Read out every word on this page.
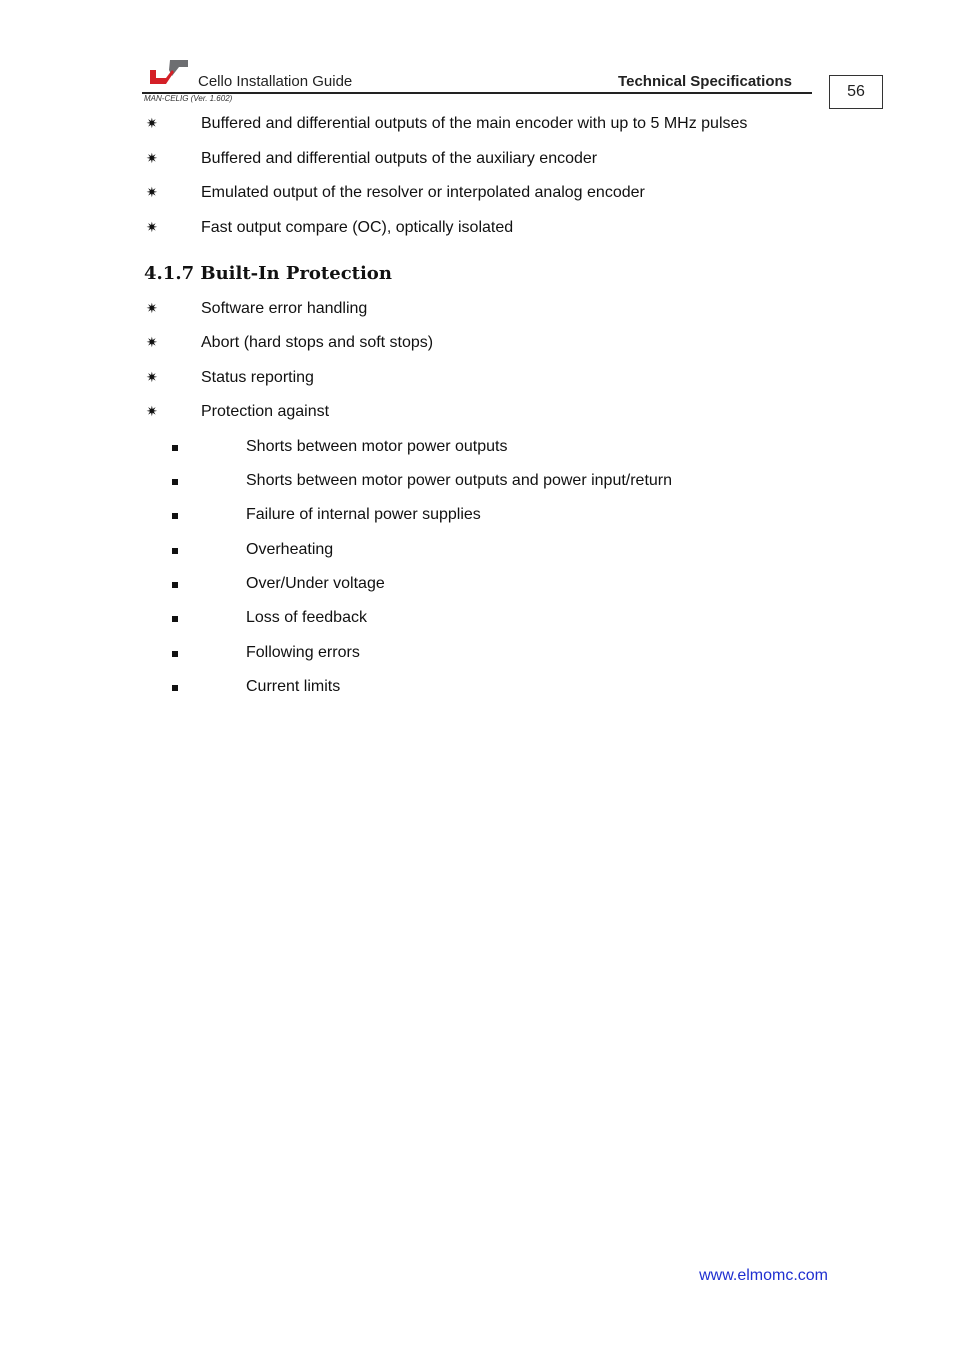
Cello Installation Guide	Technical Specifications
MAN-CELIG (Ver. 1.602)	56
✷	Buffered and differential outputs of the main encoder with up to 5 MHz pulses
✷	Buffered and differential outputs of the auxiliary encoder
✷	Emulated output of the resolver or interpolated analog encoder
✷	Fast output compare (OC), optically isolated
4.1.7 Built-In Protection
✷	Software error handling
✷	Abort (hard stops and soft stops)
✷	Status reporting
✷	Protection against
Shorts between motor power outputs
Shorts between motor power outputs and power input/return
Failure of internal power supplies
Overheating
Over/Under voltage
Loss of feedback
Following errors
Current limits
www.elmomc.com
